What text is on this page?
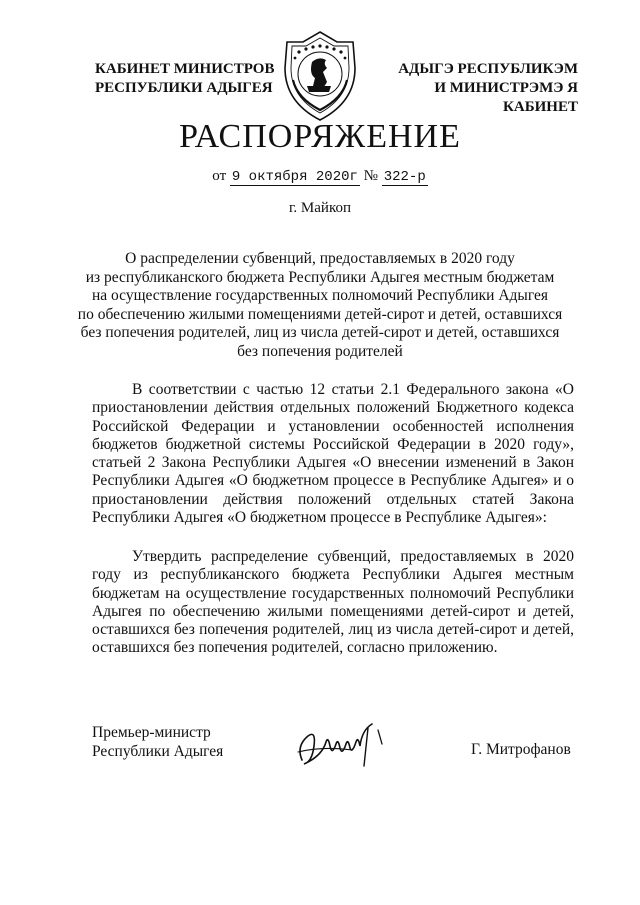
КАБИНЕТ МИНИСТРОВ
РЕСПУБЛИКИ АДЫГЕЯ
АДЫГЭ РЕСПУБЛИКЭМ
И МИНИСТРЭМЭ Я КАБИНЕТ
РАСПОРЯЖЕНИЕ
от 9 октября 2020г № 322-р
г. Майкоп
О распределении субвенций, предоставляемых в 2020 году
из республиканского бюджета Республики Адыгея местным бюджетам
на осуществление государственных полномочий Республики Адыгея
по обеспечению жилыми помещениями детей-сирот и детей, оставшихся
без попечения родителей, лиц из числа детей-сирот и детей, оставшихся
без попечения родителей
В соответствии с частью 12 статьи 2.1 Федерального закона «О приостановлении действия отдельных положений Бюджетного кодекса Российской Федерации и установлении особенностей исполнения бюджетов бюджетной системы Российской Федерации в 2020 году», статьей 2 Закона Республики Адыгея «О внесении изменений в Закон Республики Адыгея «О бюджетном процессе в Республике Адыгея» и о приостановлении действия положений отдельных статей Закона Республики Адыгея «О бюджетном процессе в Республике Адыгея»:
Утвердить распределение субвенций, предоставляемых в 2020 году из республиканского бюджета Республики Адыгея местным бюджетам на осуществление государственных полномочий Республики Адыгея по обеспечению жилыми помещениями детей-сирот и детей, оставшихся без попечения родителей, лиц из числа детей-сирот и детей, оставшихся без попечения родителей, согласно приложению.
Премьер-министр
Республики Адыгея	Г. Митрофанов
